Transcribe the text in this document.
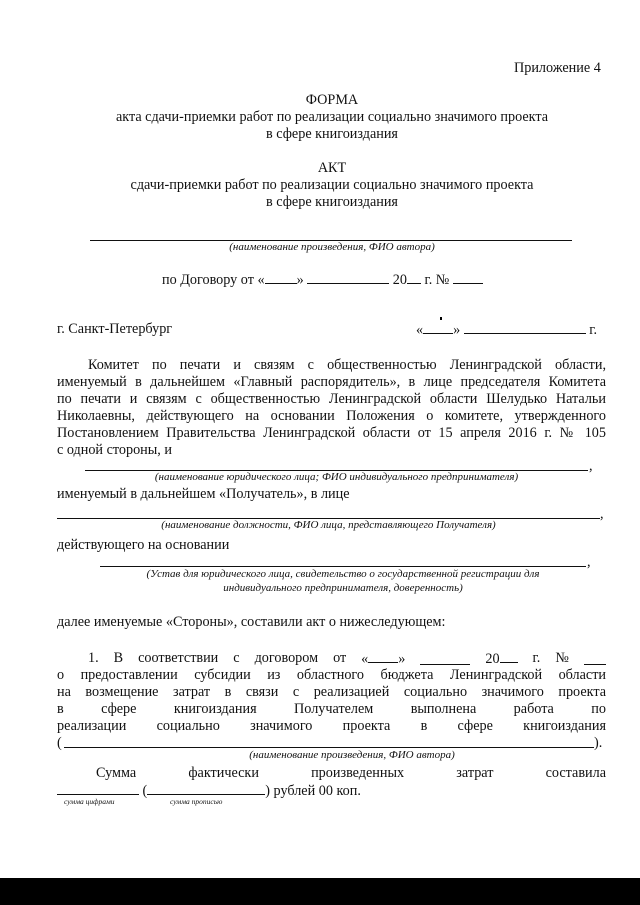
Приложение 4
ФОРМА
акта сдачи-приемки работ по реализации социально значимого проекта
в сфере книгоиздания
АКТ
сдачи-приемки работ по реализации социально значимого проекта
в сфере книгоиздания
(наименование произведения, ФИО автора)
по Договору от « »	20 г. №
г. Санкт-Петербург	« »	г.
Комитет по печати и связям с общественностью Ленинградской области,
именуемый в дальнейшем «Главный распорядитель», в лице председателя Комитета
по печати и связям с общественностью Ленинградской области Шелудько Натальи
Николаевны, действующего на основании Положения о комитете, утвержденного
Постановлением Правительства Ленинградской области от 15 апреля 2016 г. № 105
с одной стороны, и
,
(наименование юридического лица; ФИО индивидуального предпринимателя)
именуемый в дальнейшем «Получатель», в лице
,
(наименование должности, ФИО лица, представляющего Получателя)
действующего на основании
,
(Устав для юридического лица, свидетельство о государственной регистрации для
индивидуального предпринимателя, доверенность)
далее именуемые «Стороны», составили акт о нижеследующем:
1. В соответствии с договором от « »	20	г. №
о предоставлении субсидии из областного бюджета Ленинградской области
на возмещение затрат в связи с реализацией социально значимого проекта
в	сфере	книгоиздания	Получателем	выполнена	работа	по
реализации социально значимого проекта в сфере книгоиздания
(	).
(наименование произведения, ФИО автора)
Сумма	фактически	произведенных	затрат	составила
(	) рублей 00 коп.
сумма цифрами	сумма прописью
